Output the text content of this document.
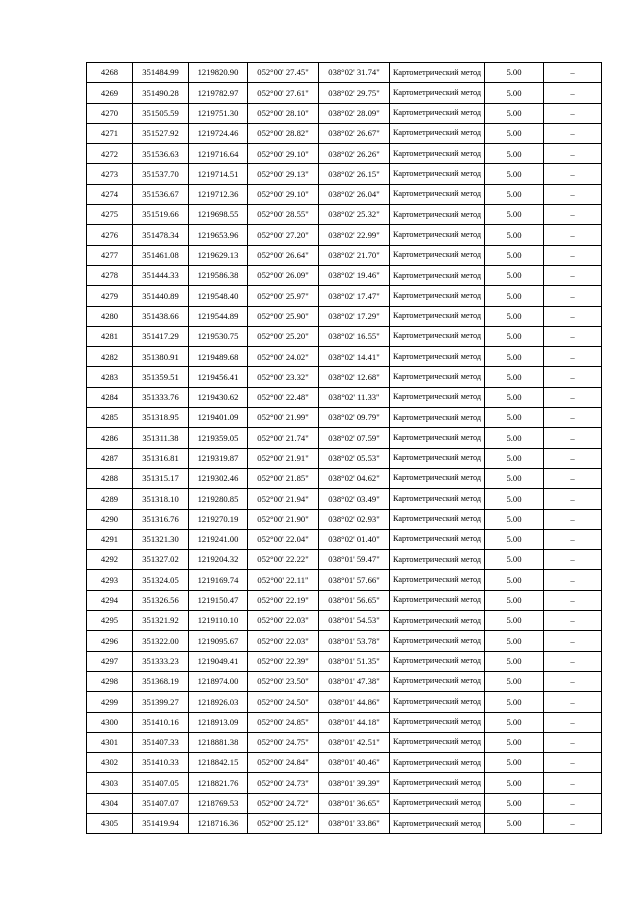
4268	351484.99	1219820.90	052°00' 27.45"	038°02' 31.74"	Картометрический метод	5.00	–
4269	351490.28	1219782.97	052°00' 27.61"	038°02' 29.75"	Картометрический метод	5.00	–
4270	351505.59	1219751.30	052°00' 28.10"	038°02' 28.09"	Картометрический метод	5.00	–
4271	351527.92	1219724.46	052°00' 28.82"	038°02' 26.67"	Картометрический метод	5.00	–
4272	351536.63	1219716.64	052°00' 29.10"	038°02' 26.26"	Картометрический метод	5.00	–
4273	351537.70	1219714.51	052°00' 29.13"	038°02' 26.15"	Картометрический метод	5.00	–
4274	351536.67	1219712.36	052°00' 29.10"	038°02' 26.04"	Картометрический метод	5.00	–
4275	351519.66	1219698.55	052°00' 28.55"	038°02' 25.32"	Картометрический метод	5.00	–
4276	351478.34	1219653.96	052°00' 27.20"	038°02' 22.99"	Картометрический метод	5.00	–
4277	351461.08	1219629.13	052°00' 26.64"	038°02' 21.70"	Картометрический метод	5.00	–
4278	351444.33	1219586.38	052°00' 26.09"	038°02' 19.46"	Картометрический метод	5.00	–
4279	351440.89	1219548.40	052°00' 25.97"	038°02' 17.47"	Картометрический метод	5.00	–
4280	351438.66	1219544.89	052°00' 25.90"	038°02' 17.29"	Картометрический метод	5.00	–
4281	351417.29	1219530.75	052°00' 25.20"	038°02' 16.55"	Картометрический метод	5.00	–
4282	351380.91	1219489.68	052°00' 24.02"	038°02' 14.41"	Картометрический метод	5.00	–
4283	351359.51	1219456.41	052°00' 23.32"	038°02' 12.68"	Картометрический метод	5.00	–
4284	351333.76	1219430.62	052°00' 22.48"	038°02' 11.33"	Картометрический метод	5.00	–
4285	351318.95	1219401.09	052°00' 21.99"	038°02' 09.79"	Картометрический метод	5.00	–
4286	351311.38	1219359.05	052°00' 21.74"	038°02' 07.59"	Картометрический метод	5.00	–
4287	351316.81	1219319.87	052°00' 21.91"	038°02' 05.53"	Картометрический метод	5.00	–
4288	351315.17	1219302.46	052°00' 21.85"	038°02' 04.62"	Картометрический метод	5.00	–
4289	351318.10	1219280.85	052°00' 21.94"	038°02' 03.49"	Картометрический метод	5.00	–
4290	351316.76	1219270.19	052°00' 21.90"	038°02' 02.93"	Картометрический метод	5.00	–
4291	351321.30	1219241.00	052°00' 22.04"	038°02' 01.40"	Картометрический метод	5.00	–
4292	351327.02	1219204.32	052°00' 22.22"	038°01' 59.47"	Картометрический метод	5.00	–
4293	351324.05	1219169.74	052°00' 22.11"	038°01' 57.66"	Картометрический метод	5.00	–
4294	351326.56	1219150.47	052°00' 22.19"	038°01' 56.65"	Картометрический метод	5.00	–
4295	351321.92	1219110.10	052°00' 22.03"	038°01' 54.53"	Картометрический метод	5.00	–
4296	351322.00	1219095.67	052°00' 22.03"	038°01' 53.78"	Картометрический метод	5.00	–
4297	351333.23	1219049.41	052°00' 22.39"	038°01' 51.35"	Картометрический метод	5.00	–
4298	351368.19	1218974.00	052°00' 23.50"	038°01' 47.38"	Картометрический метод	5.00	–
4299	351399.27	1218926.03	052°00' 24.50"	038°01' 44.86"	Картометрический метод	5.00	–
4300	351410.16	1218913.09	052°00' 24.85"	038°01' 44.18"	Картометрический метод	5.00	–
4301	351407.33	1218881.38	052°00' 24.75"	038°01' 42.51"	Картометрический метод	5.00	–
4302	351410.33	1218842.15	052°00' 24.84"	038°01' 40.46"	Картометрический метод	5.00	–
4303	351407.05	1218821.76	052°00' 24.73"	038°01' 39.39"	Картометрический метод	5.00	–
4304	351407.07	1218769.53	052°00' 24.72"	038°01' 36.65"	Картометрический метод	5.00	–
4305	351419.94	1218716.36	052°00' 25.12"	038°01' 33.86"	Картометрический метод	5.00	–
